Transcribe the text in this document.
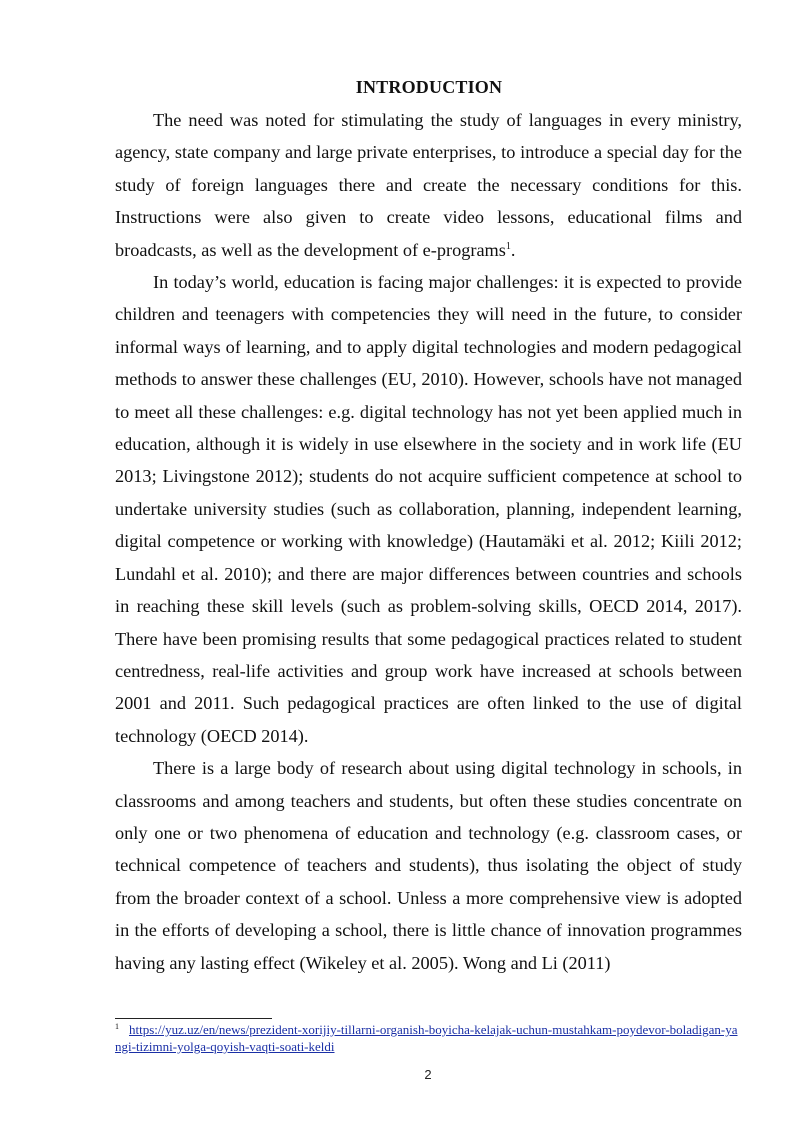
INTRODUCTION

The need was noted for stimulating the study of languages in every ministry, agency, state company and large private enterprises, to introduce a special day for the study of foreign languages there and create the necessary conditions for this. Instructions were also given to create video lessons, educational films and broadcasts, as well as the development of e-programs$^1$.

In today’s world, education is facing major challenges: it is expected to provide children and teenagers with competencies they will need in the future, to consider informal ways of learning, and to apply digital technologies and modern pedagogical methods to answer these challenges (EU, 2010). However, schools have not managed to meet all these challenges: e.g. digital technology has not yet been applied much in education, although it is widely in use elsewhere in the society and in work life (EU 2013; Livingstone 2012); students do not acquire sufficient competence at school to undertake university studies (such as collaboration, planning, independent learning, digital competence or working with knowledge) (Hautamäki et al. 2012; Kiili 2012; Lundahl et al. 2010); and there are major differences between countries and schools in reaching these skill levels (such as problem-solving skills, OECD 2014, 2017). There have been promising results that some pedagogical practices related to student centredness, real-life activities and group work have increased at schools between 2001 and 2011. Such pedagogical practices are often linked to the use of digital technology (OECD 2014).

There is a large body of research about using digital technology in schools, in classrooms and among teachers and students, but often these studies concentrate on only one or two phenomena of education and technology (e.g. classroom cases, or technical competence of teachers and students), thus isolating the object of study from the broader context of a school. Unless a more comprehensive view is adopted in the efforts of developing a school, there is little chance of innovation programmes having any lasting effect (Wikeley et al. 2005). Wong and Li (2011)

$^1$ https://yuz.uz/en/news/prezident-xorijiy-tillarni-organish-boyicha-kelajak-uchun-mustahkam-poydevor-boladigan-yangi-tizimni-yolga-qoyish-vaqti-soati-keldi
2
